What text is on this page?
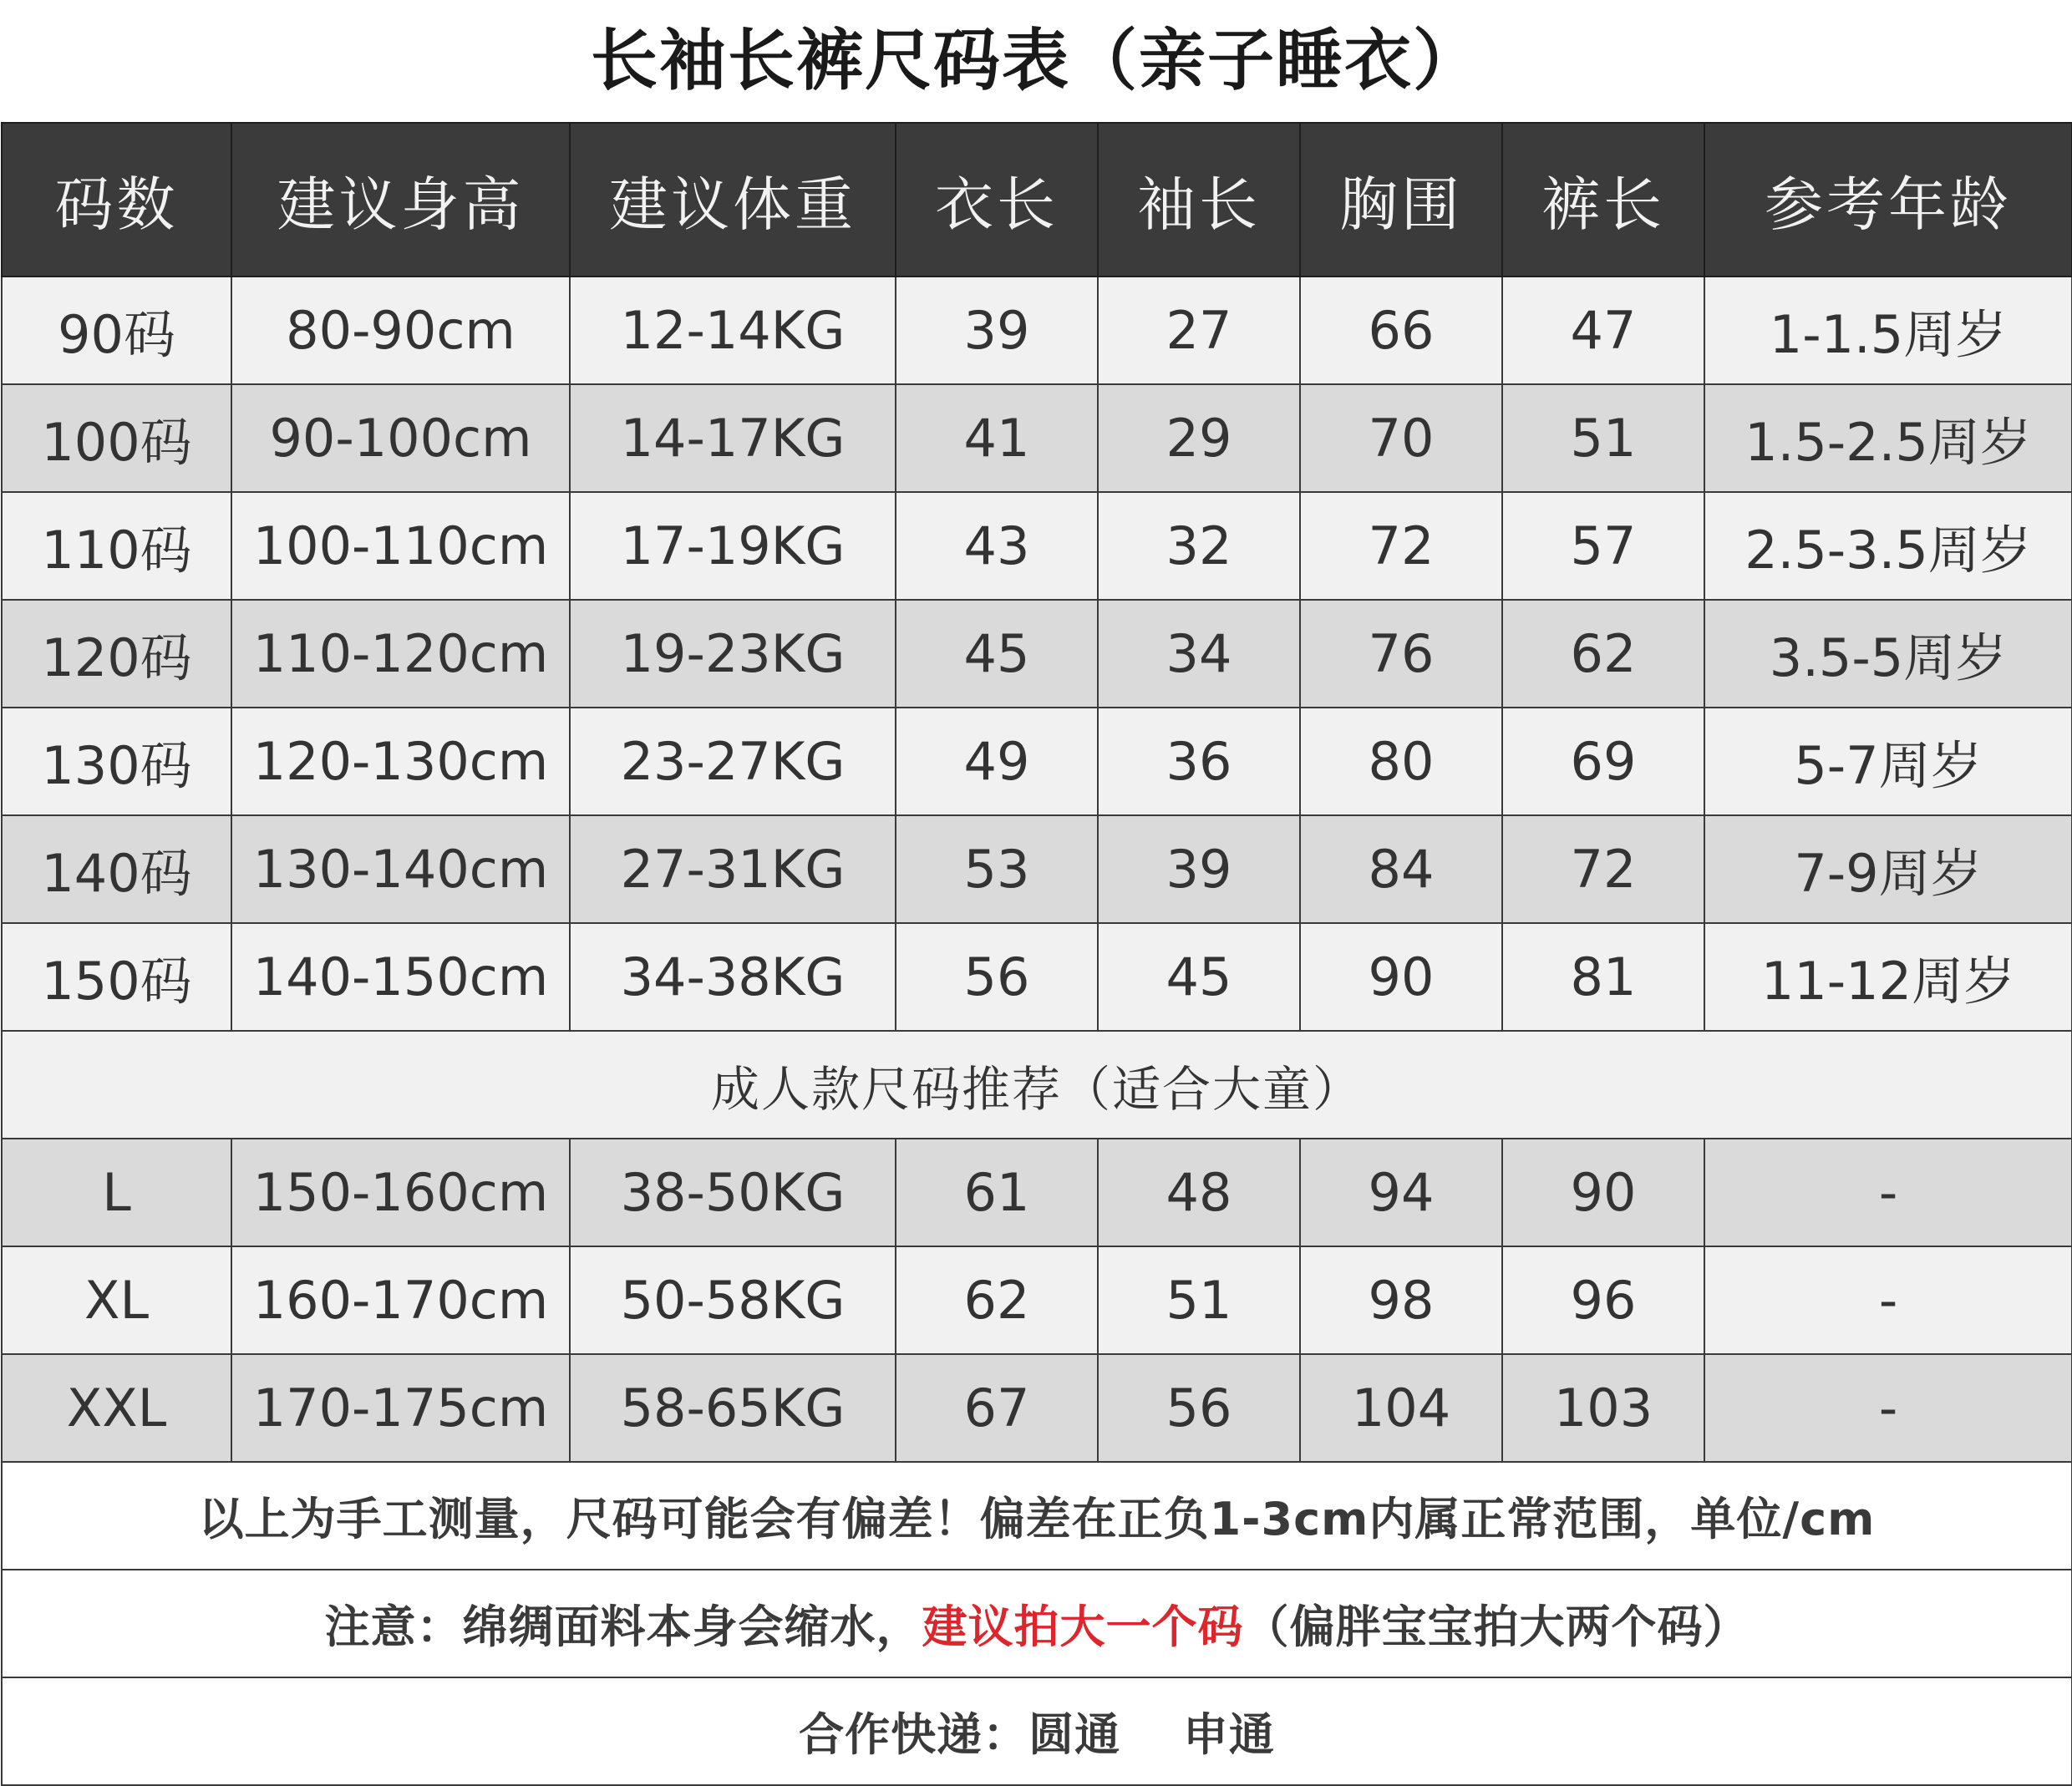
长袖长裤尺码表（亲子睡衣）
码数	建议身高	建议体重	衣长	袖长	胸围	裤长	参考年龄
90码	80-90cm	12-14KG	39	27	66	47	1-1.5周岁
100码	90-100cm	14-17KG	41	29	70	51	1.5-2.5周岁
110码	100-110cm	17-19KG	43	32	72	57	2.5-3.5周岁
120码	110-120cm	19-23KG	45	34	76	62	3.5-5周岁
130码	120-130cm	23-27KG	49	36	80	69	5-7周岁
140码	130-140cm	27-31KG	53	39	84	72	7-9周岁
150码	140-150cm	34-38KG	56	45	90	81	11-12周岁
成人款尺码推荐（适合大童）							
L	150-160cm	38-50KG	61	48	94	90	-
XL	160-170cm	50-58KG	62	51	98	96	-
XXL	170-175cm	58-65KG	67	56	104	103	-
以上为手工测量，尺码可能会有偏差！偏差在正负1-3cm内属正常范围，单位/cm							
注意：绵绸面料本身会缩水，建议拍大一个码（偏胖宝宝拍大两个码）							
合作快递：圆通　 申通							
